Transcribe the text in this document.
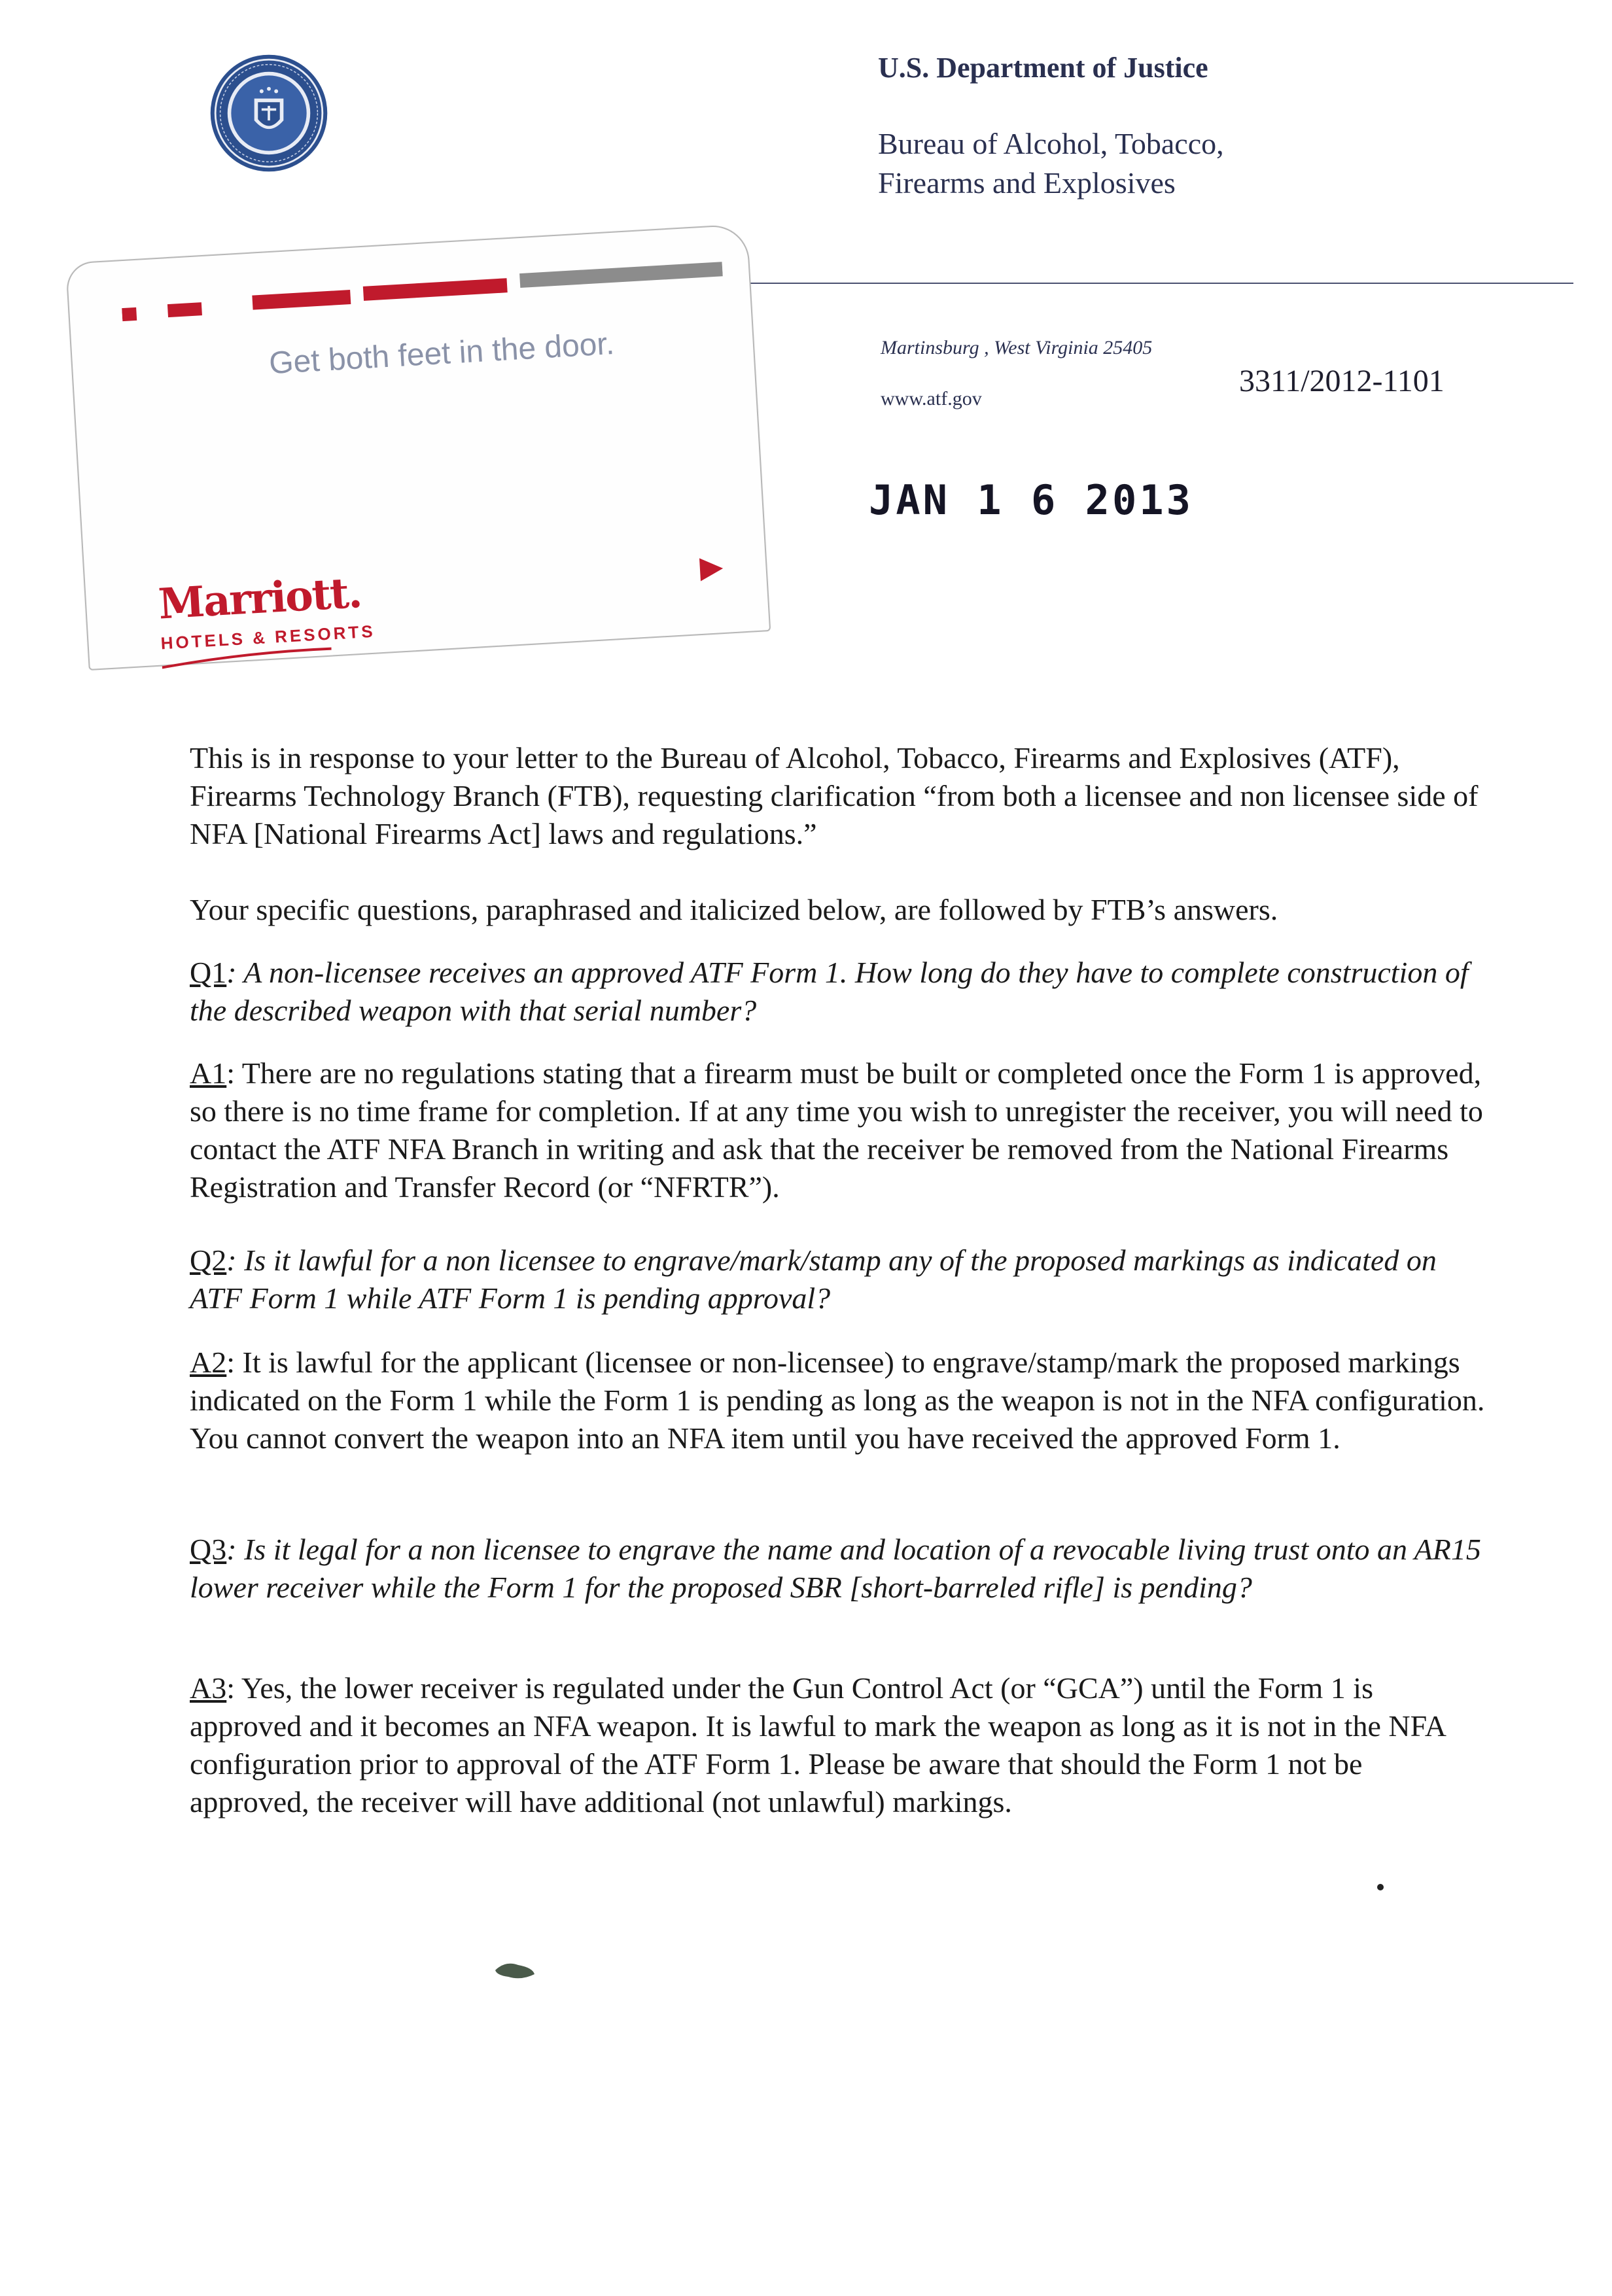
U.S. Department of Justice
Bureau of Alcohol, Tobacco,
Firearms and Explosives
Martinsburg , West Virginia 25405
www.atf.gov
3311/2012-1101
JAN 1 6 2013
Get both feet in the door.
Marriott.
HOTELS & RESORTS
This is in response to your letter to the Bureau of Alcohol, Tobacco, Firearms and Explosives (ATF), Firearms Technology Branch (FTB), requesting clarification “from both a licensee and non licensee side of NFA [National Firearms Act] laws and regulations.”
Your specific questions, paraphrased and italicized below, are followed by FTB’s answers.
Q1: A non-licensee receives an approved ATF Form 1. How long do they have to complete construction of the described weapon with that serial number?
A1: There are no regulations stating that a firearm must be built or completed once the Form 1 is approved, so there is no time frame for completion. If at any time you wish to unregister the receiver, you will need to contact the ATF NFA Branch in writing and ask that the receiver be removed from the National Firearms Registration and Transfer Record (or “NFRTR”).
Q2: Is it lawful for a non licensee to engrave/mark/stamp any of the proposed markings as indicated on ATF Form 1 while ATF Form 1 is pending approval?
A2: It is lawful for the applicant (licensee or non-licensee) to engrave/stamp/mark the proposed markings indicated on the Form 1 while the Form 1 is pending as long as the weapon is not in the NFA configuration. You cannot convert the weapon into an NFA item until you have received the approved Form 1.
Q3: Is it legal for a non licensee to engrave the name and location of a revocable living trust onto an AR15 lower receiver while the Form 1 for the proposed SBR [short-barreled rifle] is pending?
A3: Yes, the lower receiver is regulated under the Gun Control Act (or “GCA”) until the Form 1 is approved and it becomes an NFA weapon. It is lawful to mark the weapon as long as it is not in the NFA configuration prior to approval of the ATF Form 1. Please be aware that should the Form 1 not be approved, the receiver will have additional (not unlawful) markings.
